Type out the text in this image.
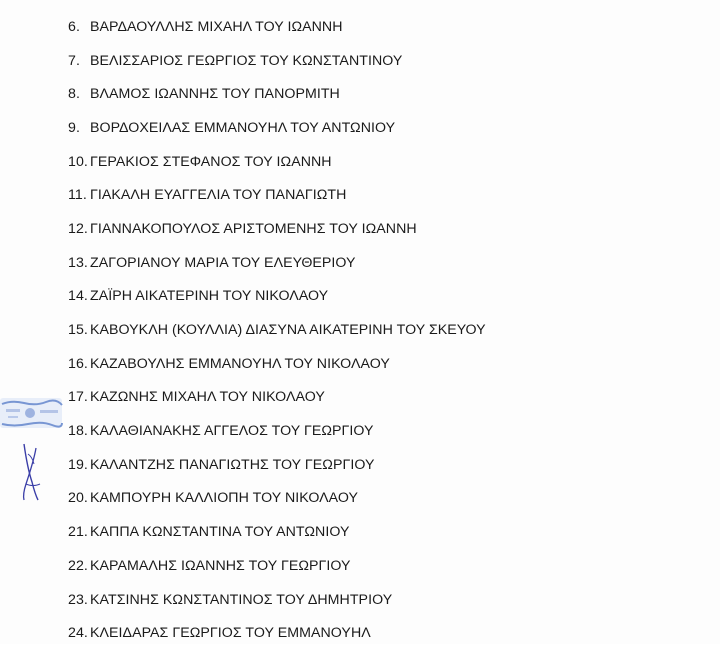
6. ΒΑΡΔΑΟΥΛΛΗΣ ΜΙΧΑΗΛ ΤΟΥ ΙΩΑΝΝΗ
7. ΒΕΛΙΣΣΑΡΙΟΣ ΓΕΩΡΓΙΟΣ ΤΟΥ ΚΩΝΣΤΑΝΤΙΝΟΥ
8. ΒΛΑΜΟΣ ΙΩΑΝΝΗΣ ΤΟΥ ΠΑΝΟΡΜΙΤΗ
9. ΒΟΡΔΟΧΕΙΛΑΣ ΕΜΜΑΝΟΥΗΛ ΤΟΥ ΑΝΤΩΝΙΟΥ
10. ΓΕΡΑΚΙΟΣ ΣΤΕΦΑΝΟΣ ΤΟΥ ΙΩΑΝΝΗ
11. ΓΙΑΚΑΛΗ ΕΥΑΓΓΕΛΙΑ ΤΟΥ ΠΑΝΑΓΙΩΤΗ
12. ΓΙΑΝΝΑΚΟΠΟΥΛΟΣ ΑΡΙΣΤΟΜΕΝΗΣ ΤΟΥ ΙΩΑΝΝΗ
13. ΖΑΓΟΡΙΑΝΟΥ ΜΑΡΙΑ ΤΟΥ ΕΛΕΥΘΕΡΙΟΥ
14. ΖΑΪΡΗ ΑΙΚΑΤΕΡΙΝΗ ΤΟΥ ΝΙΚΟΛΑΟΥ
15. ΚΑΒΟΥΚΛΗ (ΚΟΥΛΛΙΑ) ΔΙΑΣΥΝΑ ΑΙΚΑΤΕΡΙΝΗ ΤΟΥ ΣΚΕΥΟΥ
16. ΚΑΖΑΒΟΥΛΗΣ ΕΜΜΑΝΟΥΗΛ ΤΟΥ ΝΙΚΟΛΑΟΥ
17. ΚΑΖΩΝΗΣ ΜΙΧΑΗΛ ΤΟΥ ΝΙΚΟΛΑΟΥ
18. ΚΑΛΑΘΙΑΝΑΚΗΣ ΑΓΓΕΛΟΣ ΤΟΥ ΓΕΩΡΓΙΟΥ
19. ΚΑΛΑΝΤΖΗΣ ΠΑΝΑΓΙΩΤΗΣ ΤΟΥ ΓΕΩΡΓΙΟΥ
20. ΚΑΜΠΟΥΡΗ ΚΑΛΛΙΟΠΗ ΤΟΥ ΝΙΚΟΛΑΟΥ
21. ΚΑΠΠΑ ΚΩΝΣΤΑΝΤΙΝΑ ΤΟΥ ΑΝΤΩΝΙΟΥ
22. ΚΑΡΑΜΑΛΗΣ ΙΩΑΝΝΗΣ ΤΟΥ ΓΕΩΡΓΙΟΥ
23. ΚΑΤΣΙΝΗΣ ΚΩΝΣΤΑΝΤΙΝΟΣ ΤΟΥ ΔΗΜΗΤΡΙΟΥ
24. ΚΛΕΙΔΑΡΑΣ ΓΕΩΡΓΙΟΣ ΤΟΥ ΕΜΜΑΝΟΥΗΛ
